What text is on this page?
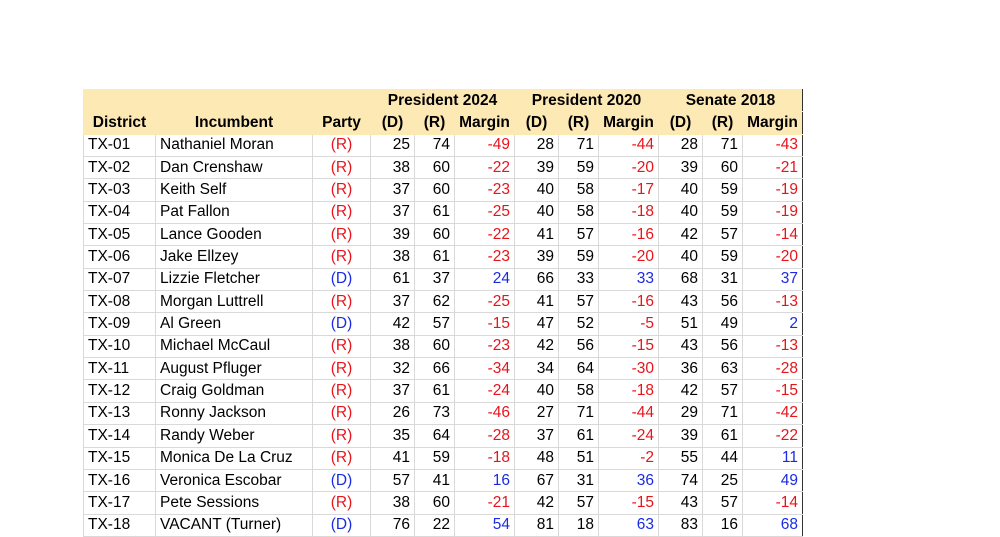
			President 2024			President 2020			Senate 2018		
District	Incumbent	Party	(D)	(R)	Margin	(D)	(R)	Margin	(D)	(R)	Margin
TX-01	Nathaniel Moran	(R)	25	74	-49	28	71	-44	28	71	-43
TX-02	Dan Crenshaw	(R)	38	60	-22	39	59	-20	39	60	-21
TX-03	Keith Self	(R)	37	60	-23	40	58	-17	40	59	-19
TX-04	Pat Fallon	(R)	37	61	-25	40	58	-18	40	59	-19
TX-05	Lance Gooden	(R)	39	60	-22	41	57	-16	42	57	-14
TX-06	Jake Ellzey	(R)	38	61	-23	39	59	-20	40	59	-20
TX-07	Lizzie Fletcher	(D)	61	37	24	66	33	33	68	31	37
TX-08	Morgan Luttrell	(R)	37	62	-25	41	57	-16	43	56	-13
TX-09	Al Green	(D)	42	57	-15	47	52	-5	51	49	2
TX-10	Michael McCaul	(R)	38	60	-23	42	56	-15	43	56	-13
TX-11	August Pfluger	(R)	32	66	-34	34	64	-30	36	63	-28
TX-12	Craig Goldman	(R)	37	61	-24	40	58	-18	42	57	-15
TX-13	Ronny Jackson	(R)	26	73	-46	27	71	-44	29	71	-42
TX-14	Randy Weber	(R)	35	64	-28	37	61	-24	39	61	-22
TX-15	Monica De La Cruz	(R)	41	59	-18	48	51	-2	55	44	11
TX-16	Veronica Escobar	(D)	57	41	16	67	31	36	74	25	49
TX-17	Pete Sessions	(R)	38	60	-21	42	57	-15	43	57	-14
TX-18	VACANT (Turner)	(D)	76	22	54	81	18	63	83	16	68
